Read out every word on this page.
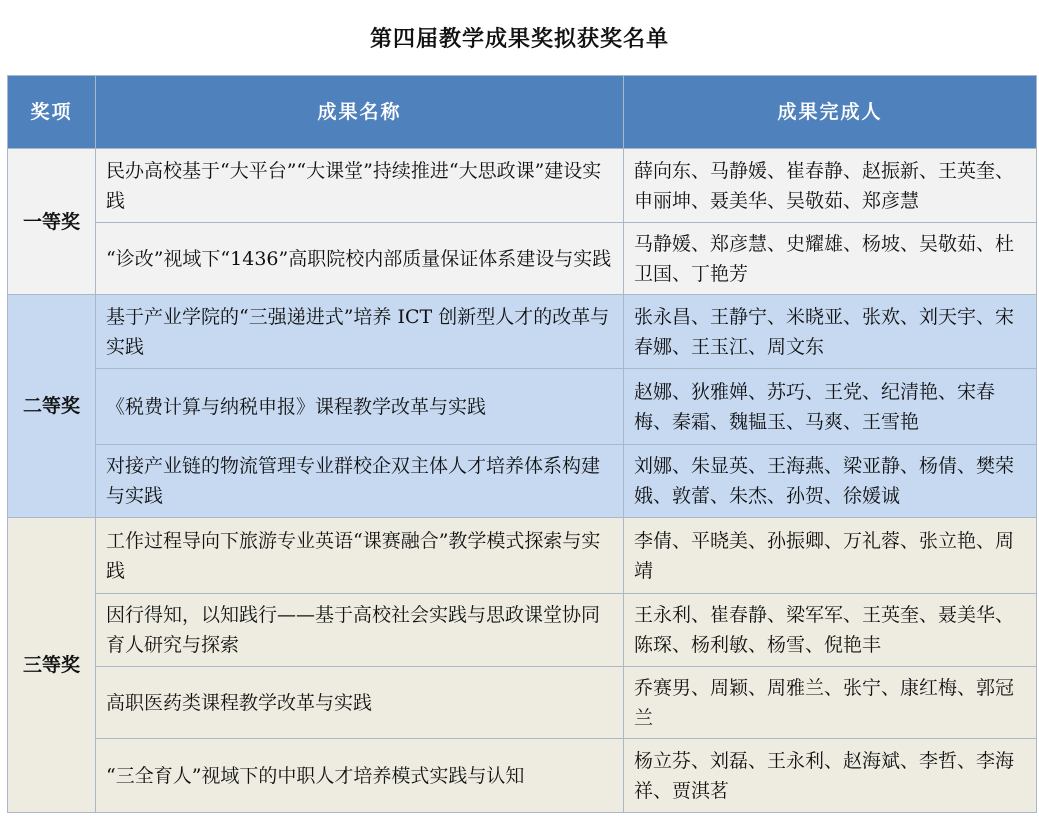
第四届教学成果奖拟获奖名单
奖项	成果名称	成果完成人
一等奖	民办高校基于“大平台”“大课堂”持续推进“大思政课”建设实践	薛向东、马静媛、崔春静、赵振新、王英奎、申丽坤、聂美华、吴敬茹、郑彦慧
	“诊改”视域下“1436”高职院校内部质量保证体系建设与实践	马静媛、郑彦慧、史耀雄、杨坡、吴敬茹、杜卫国、丁艳芳
二等奖	基于产业学院的“三强递进式”培养 ICT 创新型人才的改革与实践	张永昌、王静宁、米晓亚、张欢、刘天宇、宋春娜、王玉江、周文东
	《税费计算与纳税申报》课程教学改革与实践	赵娜、狄雅婵、苏巧、王党、纪清艳、宋春梅、秦霜、魏韫玉、马爽、王雪艳
	对接产业链的物流管理专业群校企双主体人才培养体系构建与实践	刘娜、朱显英、王海燕、梁亚静、杨倩、樊荣娥、敦蕾、朱杰、孙贺、徐媛诚
三等奖	工作过程导向下旅游专业英语“课赛融合”教学模式探索与实践	李倩、平晓美、孙振卿、万礼蓉、张立艳、周靖
	因行得知，以知践行——基于高校社会实践与思政课堂协同育人研究与探索	王永利、崔春静、梁军军、王英奎、聂美华、陈琛、杨利敏、杨雪、倪艳丰
	高职医药类课程教学改革与实践	乔赛男、周颖、周雅兰、张宁、康红梅、郭冠兰
	“三全育人”视域下的中职人才培养模式实践与认知	杨立芬、刘磊、王永利、赵海斌、李哲、李海祥、贾淇茗
